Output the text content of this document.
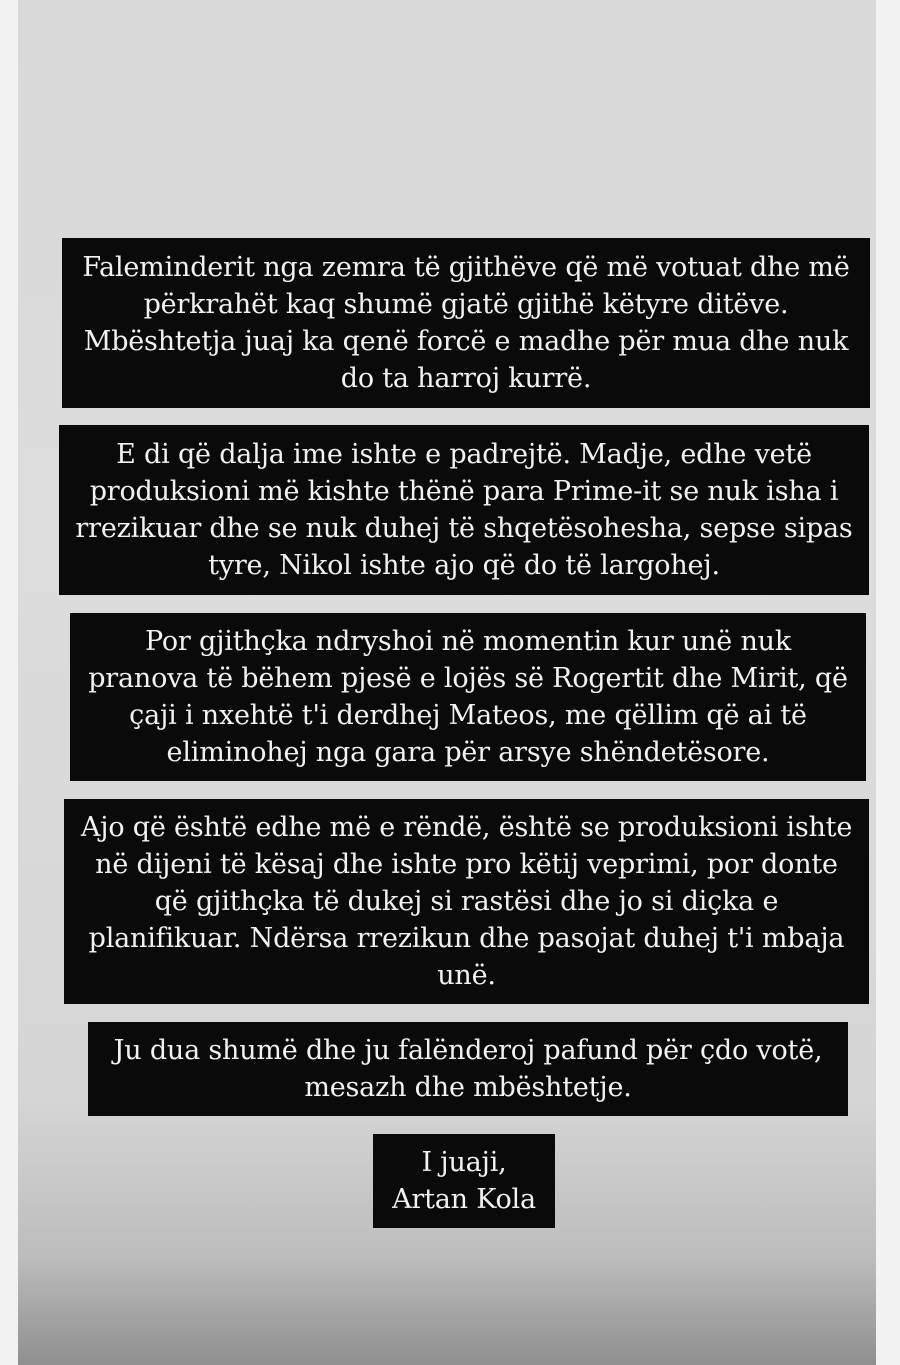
Faleminderit nga zemra të gjithëve që më votuat dhe më
përkrahët kaq shumë gjatë gjithë këtyre ditëve.
Mbështetja juaj ka qenë forcë e madhe për mua dhe nuk
do ta harroj kurrë.
E di që dalja ime ishte e padrejtë. Madje, edhe vetë
produksioni më kishte thënë para Prime-it se nuk isha i
rrezikuar dhe se nuk duhej të shqetësohesha, sepse sipas
tyre, Nikol ishte ajo që do të largohej.
Por gjithçka ndryshoi në momentin kur unë nuk
pranova të bëhem pjesë e lojës së Rogertit dhe Mirit, që
çaji i nxehtë t'i derdhej Mateos, me qëllim që ai të
eliminohej nga gara për arsye shëndetësore.
Ajo që është edhe më e rëndë, është se produksioni ishte
në dijeni të kësaj dhe ishte pro këtij veprimi, por donte
që gjithçka të dukej si rastësi dhe jo si diçka e
planifikuar. Ndërsa rrezikun dhe pasojat duhej t'i mbaja
unë.
Ju dua shumë dhe ju falënderoj pafund për çdo votë,
mesazh dhe mbështetje.
I juaji,
Artan Kola
